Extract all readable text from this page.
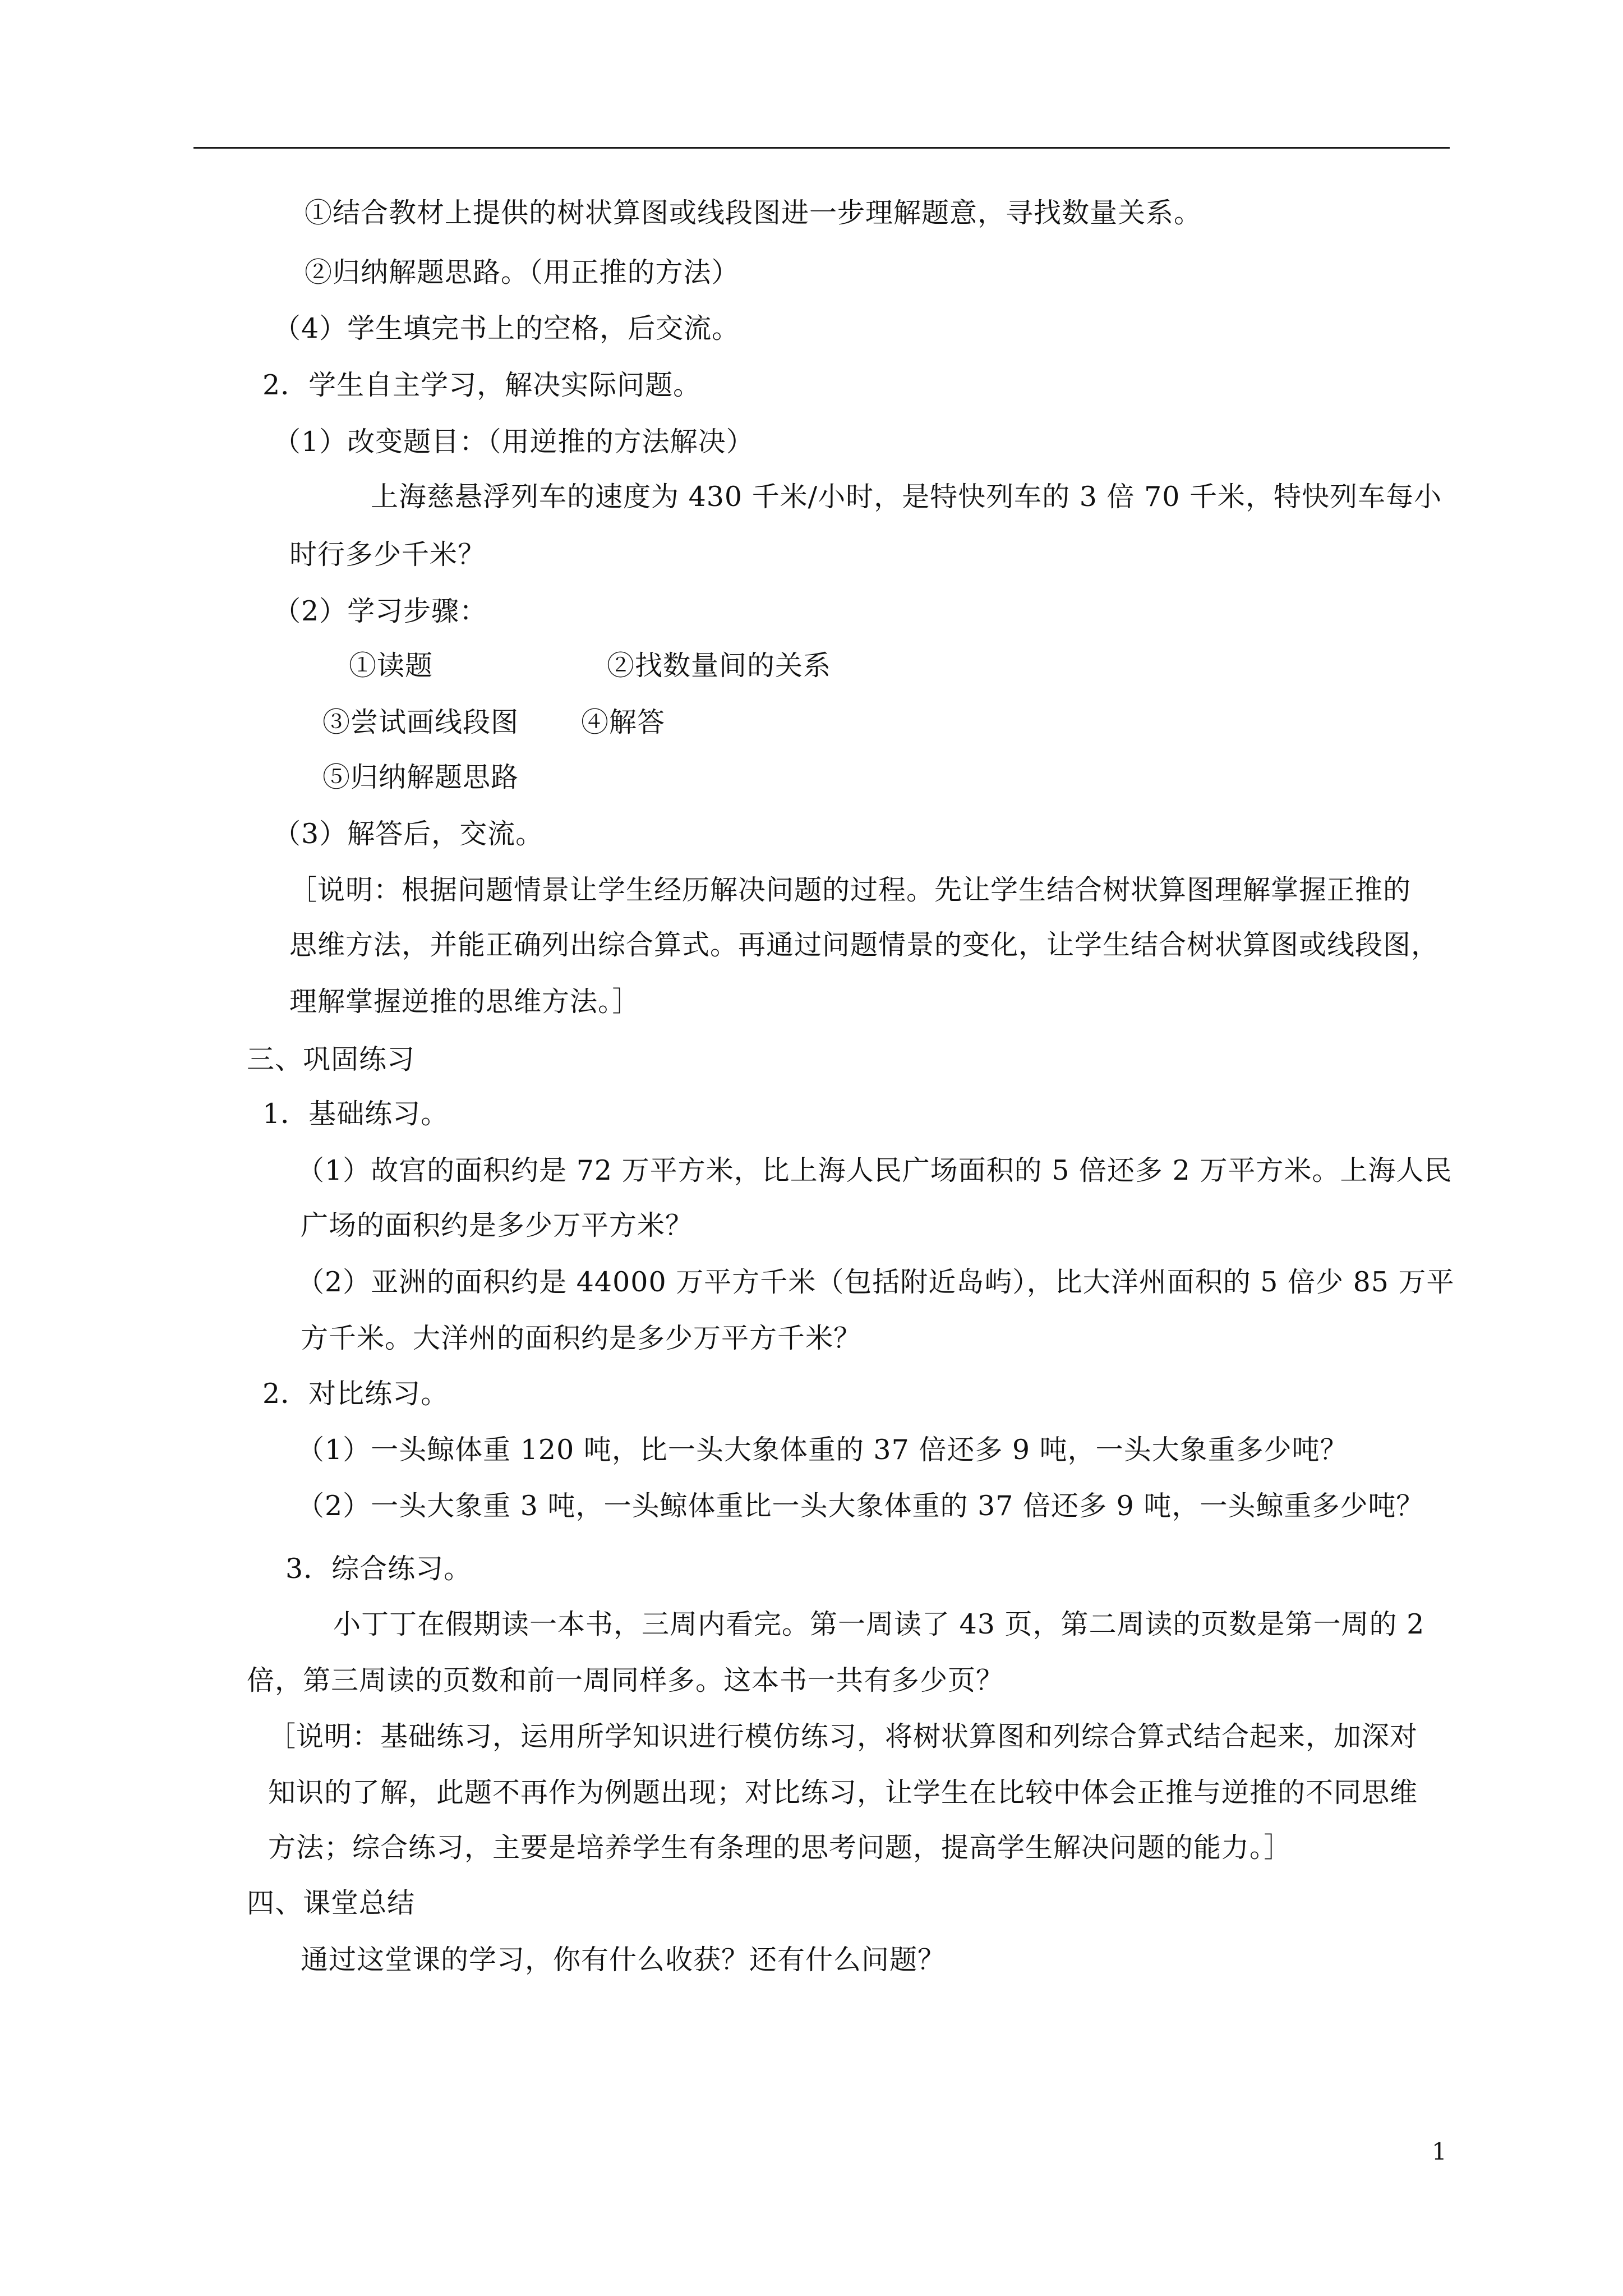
①结合教材上提供的树状算图或线段图进一步理解题意，寻找数量关系。
②归纳解题思路。（用正推的方法）
（4）学生填完书上的空格，后交流。
2．学生自主学习，解决实际问题。
（1）改变题目：（用逆推的方法解决）
上海慈悬浮列车的速度为 430 千米/小时，是特快列车的 3 倍 70 千米，特快列车每小
时行多少千米？
（2）学习步骤：
①读题	②找数量间的关系
③尝试画线段图 ④解答
⑤归纳解题思路
（3）解答后，交流。
［说明：根据问题情景让学生经历解决问题的过程。先让学生结合树状算图理解掌握正推的
思维方法，并能正确列出综合算式。再通过问题情景的变化，让学生结合树状算图或线段图，
理解掌握逆推的思维方法。］
三、巩固练习
1．基础练习。
（1）故宫的面积约是 72 万平方米，比上海人民广场面积的 5 倍还多 2 万平方米。上海人民
广场的面积约是多少万平方米？
（2）亚洲的面积约是 44000 万平方千米（包括附近岛屿），比大洋州面积的 5 倍少 85 万平
方千米。大洋州的面积约是多少万平方千米？
2．对比练习。
（1）一头鲸体重 120 吨，比一头大象体重的 37 倍还多 9 吨，一头大象重多少吨？
（2）一头大象重 3 吨，一头鲸体重比一头大象体重的 37 倍还多 9 吨，一头鲸重多少吨？
3．综合练习。
小丁丁在假期读一本书，三周内看完。第一周读了 43 页，第二周读的页数是第一周的 2
倍，第三周读的页数和前一周同样多。这本书一共有多少页？
［说明：基础练习，运用所学知识进行模仿练习，将树状算图和列综合算式结合起来，加深对
知识的了解，此题不再作为例题出现；对比练习，让学生在比较中体会正推与逆推的不同思维
方法；综合练习，主要是培养学生有条理的思考问题，提高学生解决问题的能力。］
四、课堂总结
通过这堂课的学习，你有什么收获？还有什么问题？
1
